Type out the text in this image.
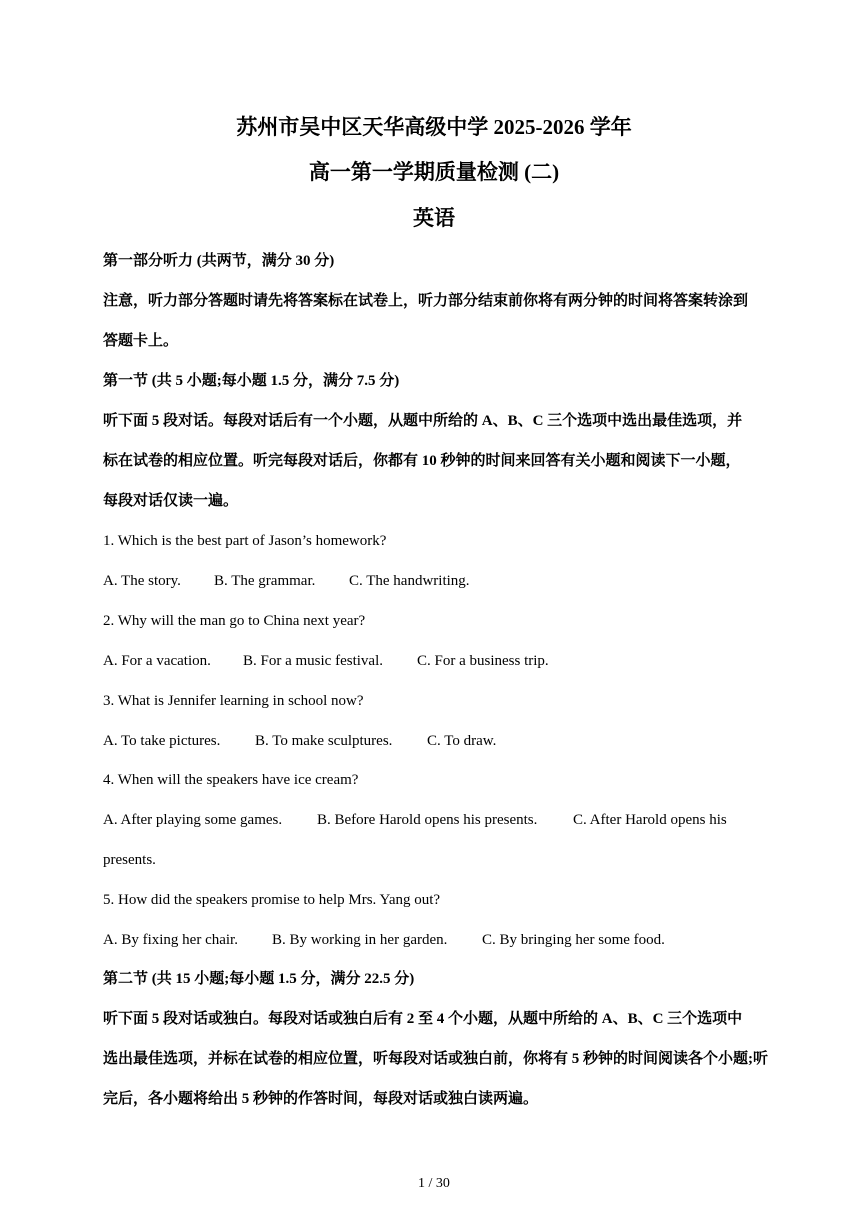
苏州市吴中区天华高级中学 2025-2026 学年
高一第一学期质量检测 (二)
英语
第一部分听力 (共两节，满分 30 分)
注意，听力部分答题时请先将答案标在试卷上，听力部分结束前你将有两分钟的时间将答案转涂到
答题卡上。
第一节 (共 5 小题;每小题 1.5 分，满分 7.5 分)
听下面 5 段对话。每段对话后有一个小题，从题中所给的 A、B、C 三个选项中选出最佳选项，并
标在试卷的相应位置。听完每段对话后，你都有 10 秒钟的时间来回答有关小题和阅读下一小题，
每段对话仅读一遍。
1. Which is the best part of Jason’s homework?
A. The story. B. The grammar. C. The handwriting.
2. Why will the man go to China next year?
A. For a vacation. B. For a music festival. C. For a business trip.
3. What is Jennifer learning in school now?
A. To take pictures. B. To make sculptures. C. To draw.
4. When will the speakers have ice cream?
A. After playing some games. B. Before Harold opens his presents. C. After Harold opens his
presents.
5. How did the speakers promise to help Mrs. Yang out?
A. By fixing her chair. B. By working in her garden. C. By bringing her some food.
第二节 (共 15 小题;每小题 1.5 分，满分 22.5 分)
听下面 5 段对话或独白。每段对话或独白后有 2 至 4 个小题，从题中所给的 A、B、C 三个选项中
选出最佳选项，并标在试卷的相应位置，听每段对话或独白前，你将有 5 秒钟的时间阅读各个小题;听
完后，各小题将给出 5 秒钟的作答时间，每段对话或独白读两遍。
1 / 30
